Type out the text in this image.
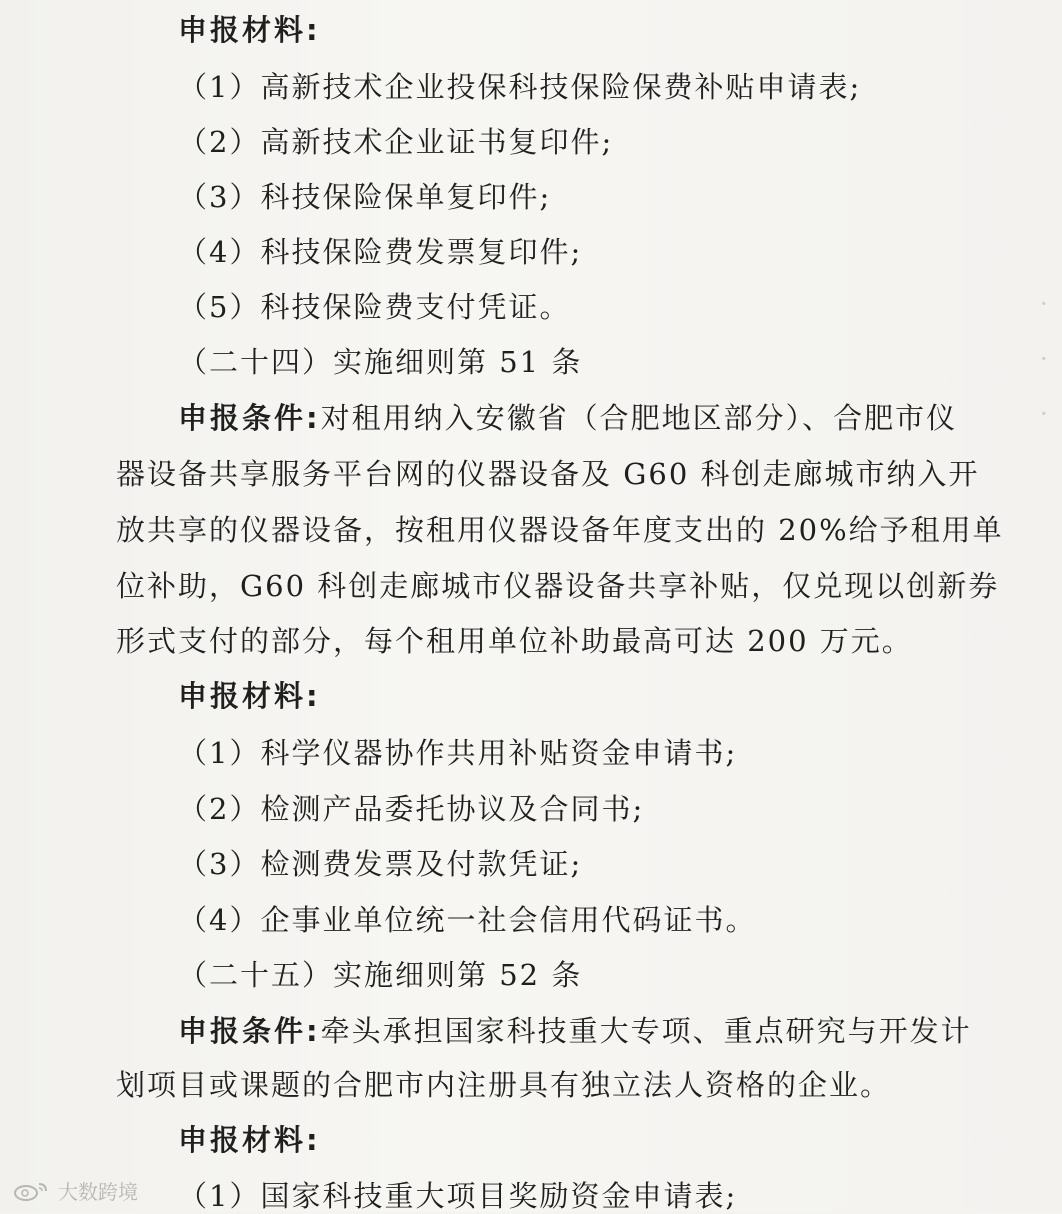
·
·
·
申报材料:
（1）高新技术企业投保科技保险保费补贴申请表;
（2）高新技术企业证书复印件;
（3）科技保险保单复印件;
（4）科技保险费发票复印件;
（5）科技保险费支付凭证。
（二十四）实施细则第 51 条
申报条件:对租用纳入安徽省（合肥地区部分）、合肥市仪
器设备共享服务平台网的仪器设备及 G60 科创走廊城市纳入开
放共享的仪器设备，按租用仪器设备年度支出的 20%给予租用单
位补助，G60 科创走廊城市仪器设备共享补贴，仅兑现以创新券
形式支付的部分，每个租用单位补助最高可达 200 万元。
申报材料:
（1）科学仪器协作共用补贴资金申请书;
（2）检测产品委托协议及合同书;
（3）检测费发票及付款凭证;
（4）企事业单位统一社会信用代码证书。
（二十五）实施细则第 52 条
申报条件:牵头承担国家科技重大专项、重点研究与开发计
划项目或课题的合肥市内注册具有独立法人资格的企业。
申报材料:
（1）国家科技重大项目奖励资金申请表;
大数跨境
